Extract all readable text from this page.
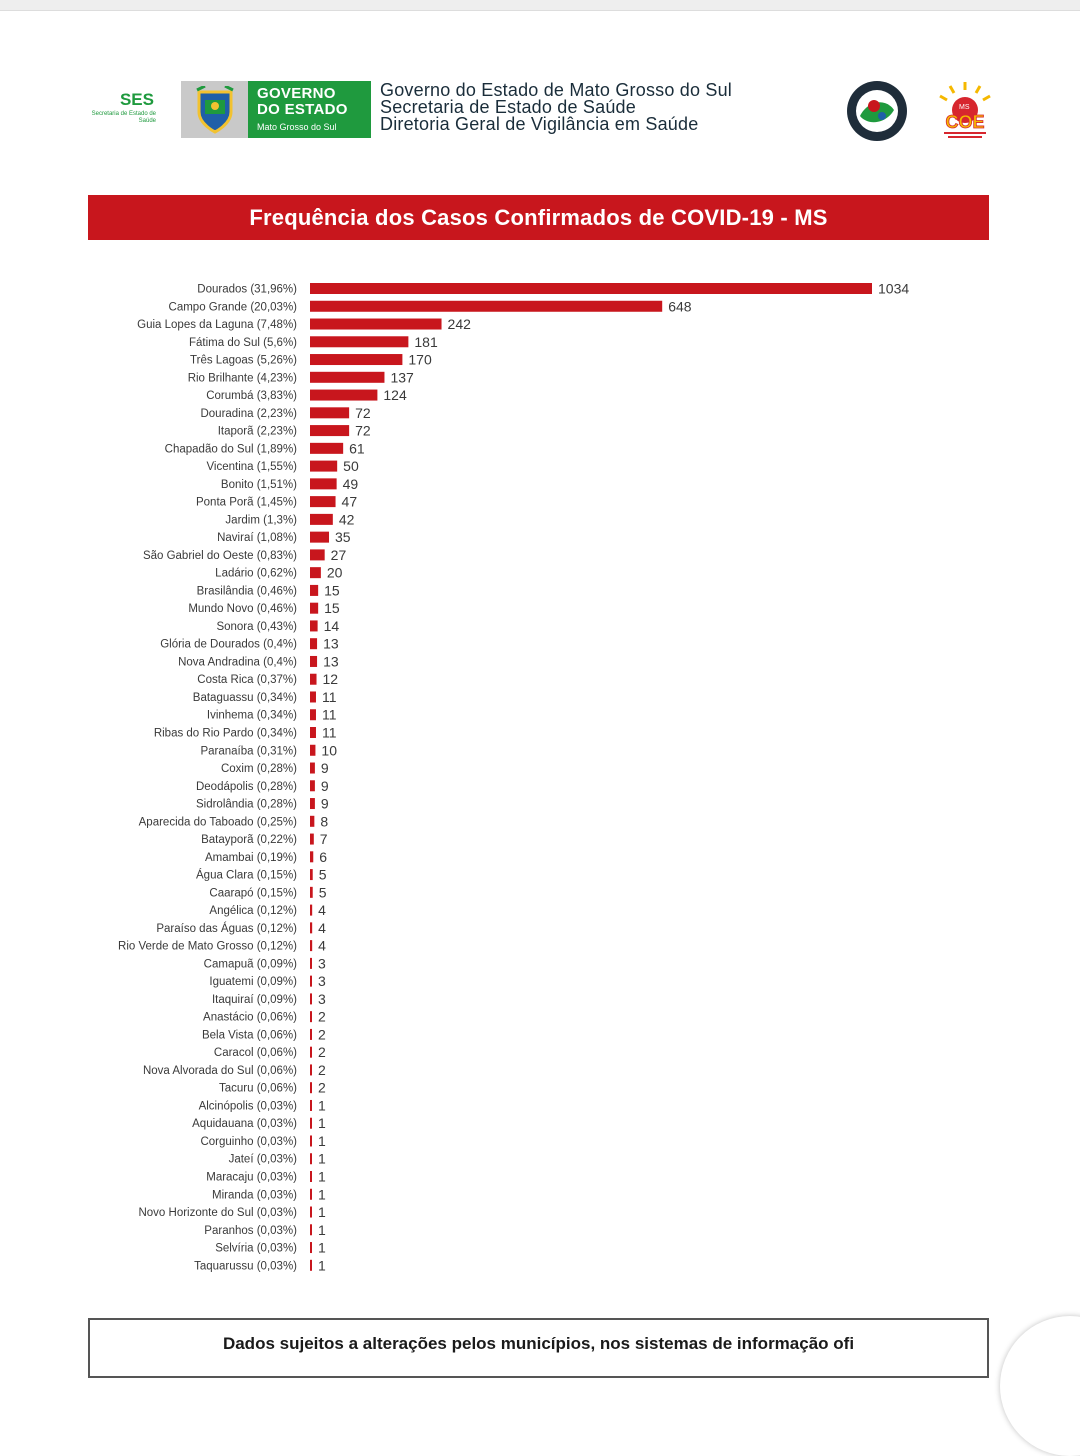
SES
Secretaria de Estado de Saúde
GOVERNO
DO ESTADO
Mato Grosso do Sul
Governo do Estado de Mato Grosso do Sul
Secretaria de Estado de Saúde
Diretoria Geral de Vigilância em Saúde
MS
COE
Frequência dos Casos Confirmados de COVID-19 - MS
Dourados (31,96%)	1034
Campo Grande (20,03%)	648
Guia Lopes da Laguna (7,48%)	242
Fátima do Sul (5,6%)	181
Três Lagoas (5,26%)	170
Rio Brilhante (4,23%)	137
Corumbá (3,83%)	124
Douradina (2,23%)	72
Itaporã (2,23%)	72
Chapadão do Sul (1,89%)	61
Vicentina (1,55%)	50
Bonito (1,51%)	49
Ponta Porã (1,45%)	47
Jardim (1,3%)	42
Naviraí (1,08%)	35
São Gabriel do Oeste (0,83%) 27
Ladário (0,62%) 20
Brasilândia (0,46%) 15
Mundo Novo (0,46%) 15
Sonora (0,43%) 14
Glória de Dourados (0,4%) 13
Nova Andradina (0,4%) 13
Costa Rica (0,37%) 12
Bataguassu (0,34%) 11
Ivinhema (0,34%) 11
Ribas do Rio Pardo (0,34%) 11
Paranaíba (0,31%) 10
Coxim (0,28%) 9
Deodápolis (0,28%) 9
Sidrolândia (0,28%) 9
Aparecida do Taboado (0,25%) 8
Batayporã (0,22%) 7
Amambai (0,19%) 6
Água Clara (0,15%) 5
Caarapó (0,15%) 5
Angélica (0,12%) 4
Paraíso das Águas (0,12%) 4
Rio Verde de Mato Grosso (0,12%) 4
Camapuã (0,09%) 3
Iguatemi (0,09%) 3
Itaquiraí (0,09%) 3
Anastácio (0,06%) 2
Bela Vista (0,06%) 2
Caracol (0,06%) 2
Nova Alvorada do Sul (0,06%) 2
Tacuru (0,06%) 2
Alcinópolis (0,03%) 1
Aquidauana (0,03%) 1
Corguinho (0,03%) 1
Jateí (0,03%) 1
Maracaju (0,03%) 1
Miranda (0,03%) 1
Novo Horizonte do Sul (0,03%) 1
Paranhos (0,03%) 1
Selvíria (0,03%) 1
Taquarussu (0,03%) 1
Dados sujeitos a alterações pelos municípios, nos sistemas de informação ofi
